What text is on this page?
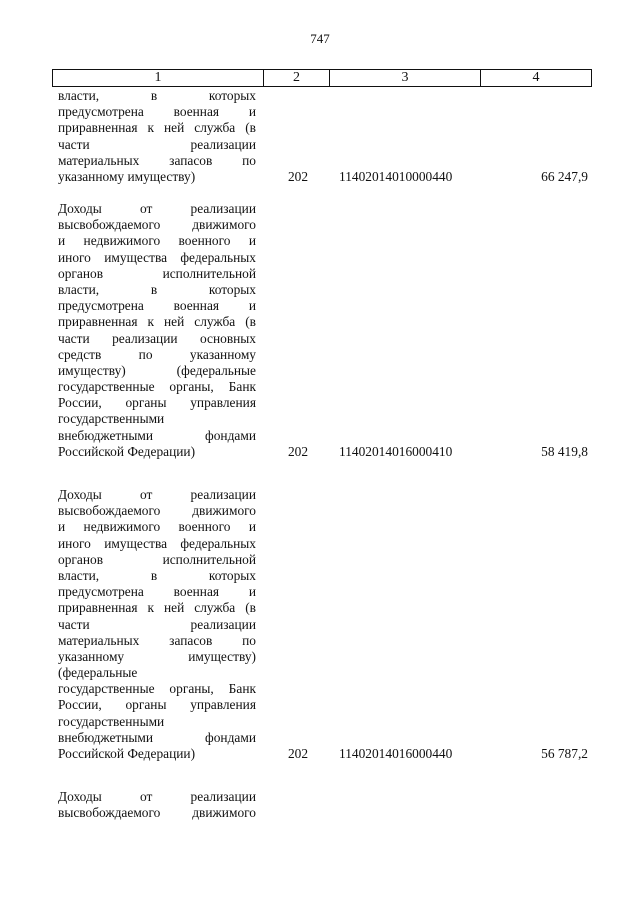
747
1	2	3	4
власти, в которых
предусмотрена военная и
приравненная к ней служба (в
части реализации
материальных запасов по
указанному имуществу)	202	11402014010000440	66 247,9
Доходы от реализации
высвобождаемого движимого
и недвижимого военного и
иного имущества федеральных
органов исполнительной
власти, в которых
предусмотрена военная и
приравненная к ней служба (в
части реализации основных
средств по указанному
имуществу) (федеральные
государственные органы, Банк
России, органы управления
государственными
внебюджетными фондами
Российской Федерации)	202	11402014016000410	58 419,8
Доходы от реализации
высвобождаемого движимого
и недвижимого военного и
иного имущества федеральных
органов исполнительной
власти, в которых
предусмотрена военная и
приравненная к ней служба (в
части реализации
материальных запасов по
указанному имуществу)
(федеральные
государственные органы, Банк
России, органы управления
государственными
внебюджетными фондами
Российской Федерации)	202	11402014016000440	56 787,2
Доходы от реализации
высвобождаемого движимого
